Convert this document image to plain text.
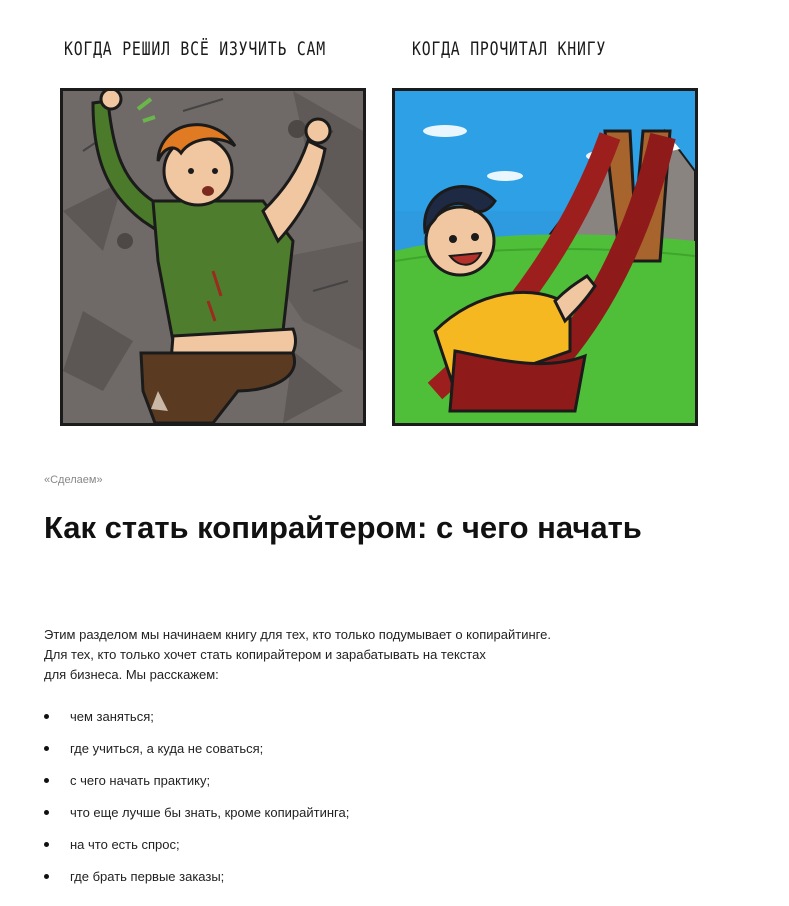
КОГДА РЕШИЛ ВСЁ ИЗУЧИТЬ САМ	КОГДА ПРОЧИТАЛ КНИГУ
«Сделаем»
Как стать копирайтером: с чего начать

Этим разделом мы начинаем книгу для тех, кто только подумывает о копирайтинге.
Для тех, кто только хочет стать копирайтером и зарабатывать на текстах
для бизнеса. Мы расскажем:

чем заняться;
где учиться, а куда не соваться;
с чего начать практику;
что еще лучше бы знать, кроме копирайтинга;
на что есть спрос;
где брать первые заказы;
